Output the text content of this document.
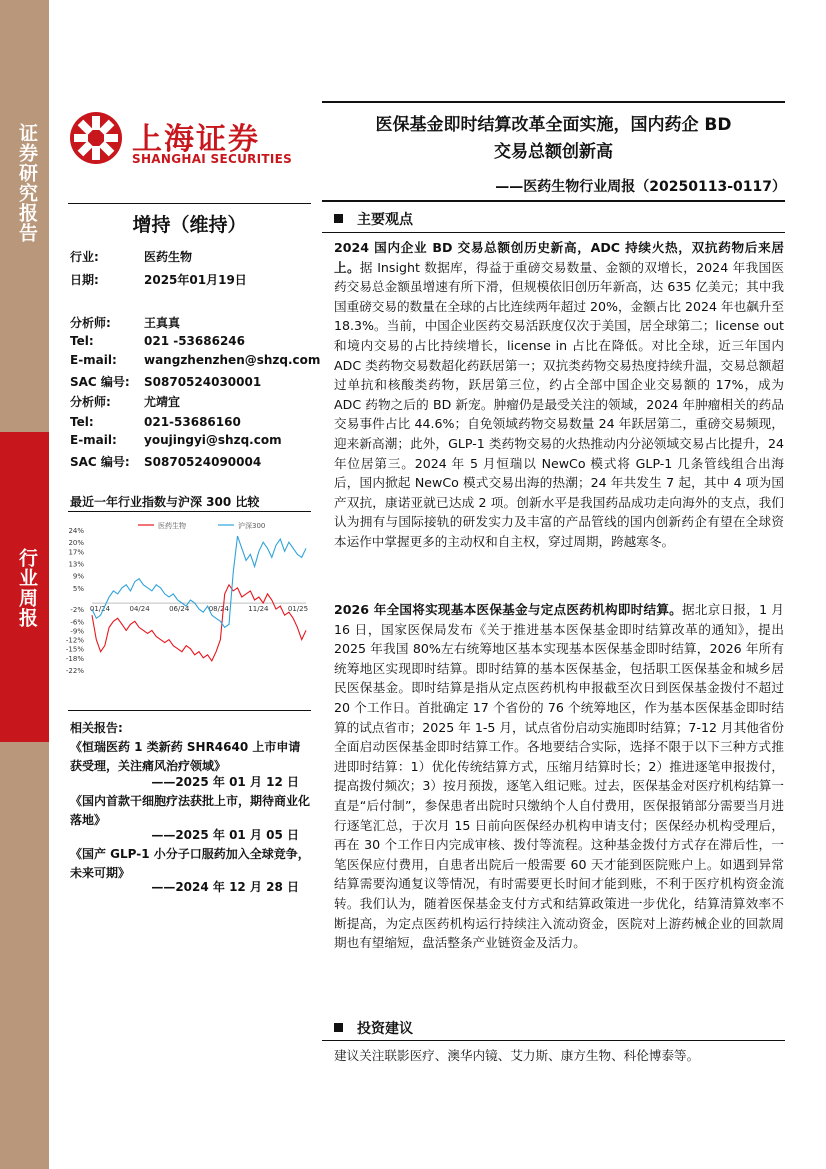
证券研究报告
行业周报
上海证券
SHANGHAI SECURITIES
医保基金即时结算改革全面实施，国内药企 BD
交易总额创新高
——医药生物行业周报（20250113-0117）
增持（维持）
行业:	医药生物
日期:	2025年01月19日
分析师:	王真真
Tel:	021 -53686246
E-mail: wangzhenzhen@shzq.com
SAC 编号: S0870524030001
分析师:	尤靖宜
Tel:	021-53686160
E-mail: youjingyi@shzq.com
SAC 编号: S0870524090004
最近一年行业指数与沪深 300 比较
24%
20%
17%
13%
9%
5%
-2%
-6%
-9%
-12%
-15%
-18%
-22%
01/24	04/24	06/24	08/24	11/24	01/25
医药生物	沪深300
相关报告:
《恒瑞医药 1 类新药 SHR4640 上市申请获受理，关注痛风治疗领域》
——2025 年 01 月 12 日
《国内首款干细胞疗法获批上市，期待商业化落地》
——2025 年 01 月 05 日
《国产 GLP-1 小分子口服药加入全球竞争，未来可期》
——2024 年 12 月 28 日
主要观点
2024 国内企业 BD 交易总额创历史新高，ADC 持续火热，双抗药物后来居上。据 Insight 数据库，得益于重磅交易数量、金额的双增长，2024 年我国医药交易总金额虽增速有所下滑，但规模依旧创历年新高，达 635 亿美元；其中我国重磅交易的数量在全球的占比连续两年超过 20%，金额占比 2024 年也飙升至 18.3%。当前，中国企业医药交易活跃度仅次于美国，居全球第二；license out 和境内交易的占比持续增长，license in 占比在降低。对比全球，近三年国内 ADC 类药物交易数超化药跃居第一；双抗类药物交易热度持续升温，交易总额超过单抗和核酸类药物，跃居第三位，约占全部中国企业交易额的 17%，成为 ADC 药物之后的 BD 新宠。肿瘤仍是最受关注的领域，2024 年肿瘤相关的药品交易事件占比 44.6%；自免领域药物交易数量 24 年跃居第二，重磅交易频现，迎来新高潮；此外，GLP-1 类药物交易的火热推动内分泌领域交易占比提升，24 年位居第三。2024 年 5 月恒瑞以 NewCo 模式将 GLP-1 几条管线组合出海后，国内掀起 NewCo 模式交易出海的热潮；24 年共发生 7 起，其中 4 项为国产双抗，康诺亚就已达成 2 项。创新水平是我国药品成功走向海外的支点，我们认为拥有与国际接轨的研发实力及丰富的产品管线的国内创新药企有望在全球资本运作中掌握更多的主动权和自主权，穿过周期，跨越寒冬。
2026 年全国将实现基本医保基金与定点医药机构即时结算。据北京日报，1 月 16 日，国家医保局发布《关于推进基本医保基金即时结算改革的通知》，提出 2025 年我国 80%左右统筹地区基本实现基本医保基金即时结算，2026 年所有统筹地区实现即时结算。即时结算的基本医保基金，包括职工医保基金和城乡居民医保基金。即时结算是指从定点医药机构申报截至次日到医保基金拨付不超过 20 个工作日。首批确定 17 个省份的 76 个统筹地区，作为基本医保基金即时结算的试点省市；2025 年 1-5 月，试点省份启动实施即时结算；7-12 月其他省份全面启动医保基金即时结算工作。各地要结合实际，选择不限于以下三种方式推进即时结算：1）优化传统结算方式，压缩月结算时长；2）推进逐笔申报拨付，提高拨付频次；3）按月预拨，逐笔入组记账。过去，医保基金对医疗机构结算一直是“后付制”，参保患者出院时只缴纳个人自付费用，医保报销部分需要当月进行逐笔汇总，于次月 15 日前向医保经办机构申请支付；医保经办机构受理后，再在 30 个工作日内完成审核、拨付等流程。这种基金拨付方式存在滞后性，一笔医保应付费用，自患者出院后一般需要 60 天才能到医院账户上。如遇到异常结算需要沟通复议等情况，有时需要更长时间才能到账，不利于医疗机构资金流转。我们认为，随着医保基金支付方式和结算政策进一步优化，结算清算效率不断提高，为定点医药机构运行持续注入流动资金，医院对上游药械企业的回款周期也有望缩短，盘活整条产业链资金及活力。
投资建议
建议关注联影医疗、澳华内镜、艾力斯、康方生物、科伦博泰等。
